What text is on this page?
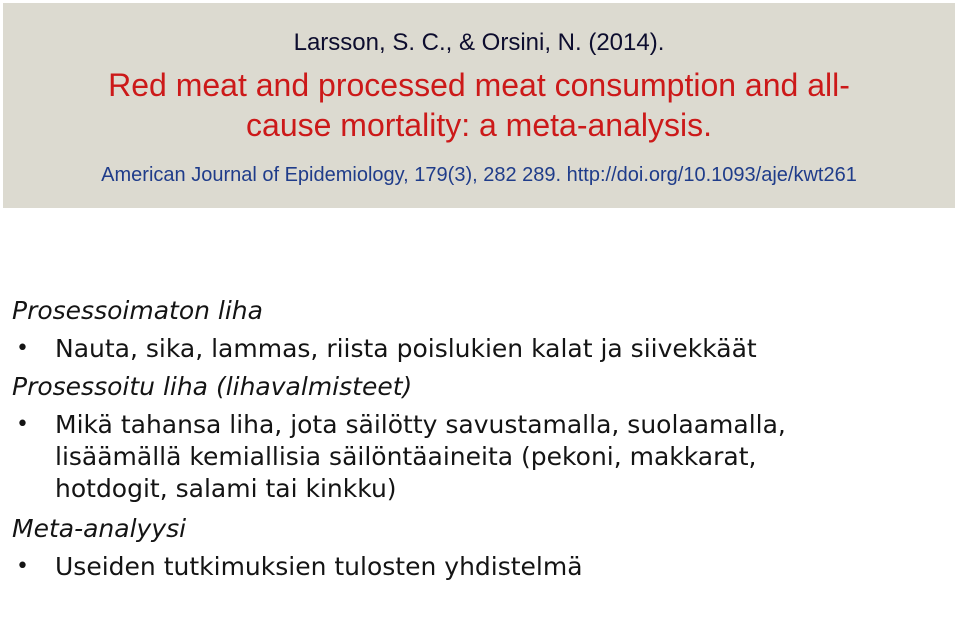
Larsson, S. C., & Orsini, N. (2014).
Red meat and processed meat consumption and all-
cause mortality: a meta-analysis.
American Journal of Epidemiology, 179(3), 282 289. http://doi.org/10.1093/aje/kwt261

Prosessoimaton liha

• Nauta, sika, lammas, riista poislukien kalat ja siivekkäät

Prosessoitu liha (lihavalmisteet)

• Mikä tahansa liha, jota säilötty savustamalla, suolaamalla,
lisäämällä kemiallisia säilöntäaineita (pekoni, makkarat,
hotdogit, salami tai kinkku)

Meta-analyysi

• Useiden tutkimuksien tulosten yhdistelmä
